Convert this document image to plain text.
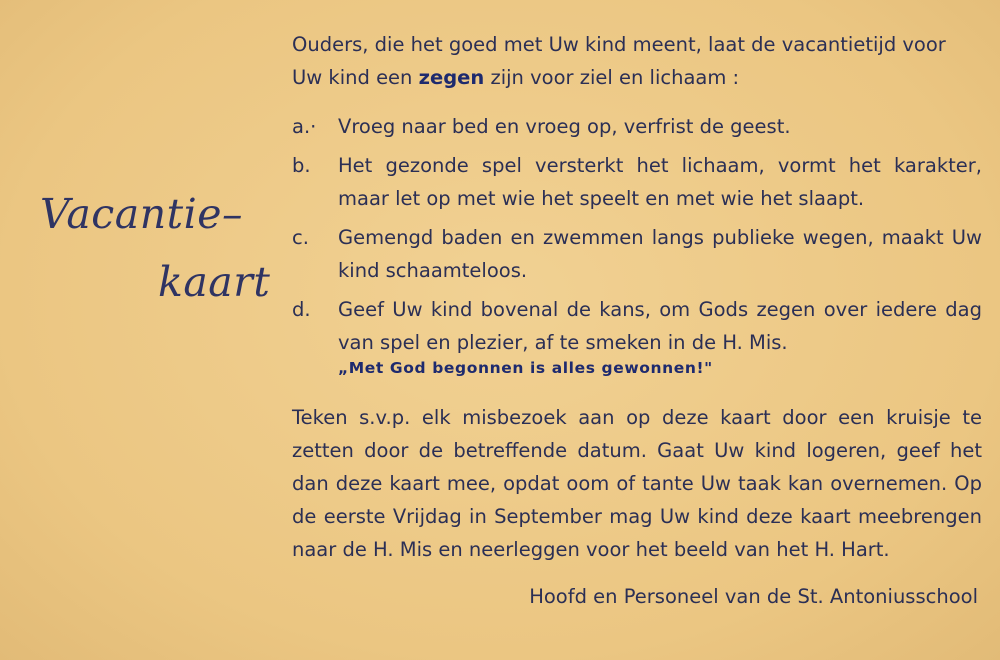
Vacantie–
kaart

Ouders, die het goed met Uw kind meent, laat de vacantietijd voor Uw kind een zegen zijn voor ziel en lichaam :

a.·	Vroeg naar bed en vroeg op, verfrist de geest.
b.	Het gezonde spel versterkt het lichaam, vormt het karakter, maar let op met wie het speelt en met wie het slaapt.
c.	Gemengd baden en zwemmen langs publieke wegen, maakt Uw kind schaamteloos.
d.	Geef Uw kind bovenal de kans, om Gods zegen over iedere dag van spel en plezier, af te smeken in de H. Mis.
„Met God begonnen is alles gewonnen!"

Teken s.v.p. elk misbezoek aan op deze kaart door een kruisje te zetten door de betreffende datum. Gaat Uw kind logeren, geef het dan deze kaart mee, opdat oom of tante Uw taak kan overnemen. Op de eerste Vrijdag in September mag Uw kind deze kaart meebrengen naar de H. Mis en neerleggen voor het beeld van het H. Hart.

Hoofd en Personeel van de St. Antoniusschool
